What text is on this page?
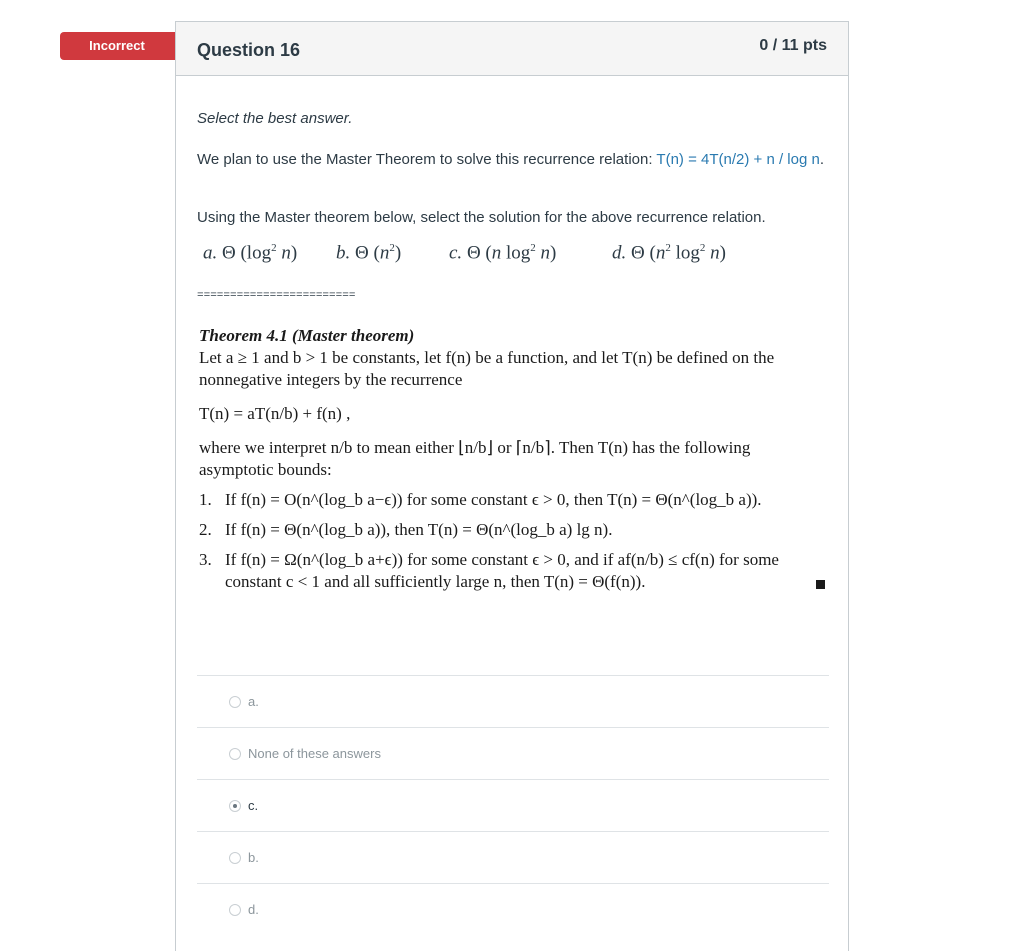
Incorrect	Question 16	0 / 11 pts
Select the best answer.
We plan to use the Master Theorem to solve this recurrence relation: T(n) = 4T(n/2) + n / log n.
Using the Master theorem below, select the solution for the above recurrence relation.
a. Θ ($\log^2$ n) b. Θ $(n^2)$	c. Θ (n $\log^2 n$)	d. Θ ($n^2$ $\log^2 n$)
========================

Theorem 4.1 (Master theorem)

Let a ≥ 1 and b > 1 be constants, let f(n) be a function, and let T(n) be defined on the nonnegative integers by the recurrence

T(n) = aT(n/b) + f(n) ,

where we interpret n/b to mean either ⌊n/b⌋ or ⌈n/b⌉. Then T(n) has the following asymptotic bounds:

1. If f(n) = O(n^(log_b a−ϵ)) for some constant ϵ > 0, then T(n) = Θ(n^(log_b a)).
2. If f(n) = Θ(n^(log_b a)), then T(n) = Θ(n^(log_b a) lg n).
3. If f(n) = Ω(n^(log_b a+ϵ)) for some constant ϵ > 0, and if af(n/b) ≤ cf(n) for some constant c < 1 and all sufficiently large n, then T(n) = Θ(f(n)).
a.
None of these answers
c.
b.
d.
